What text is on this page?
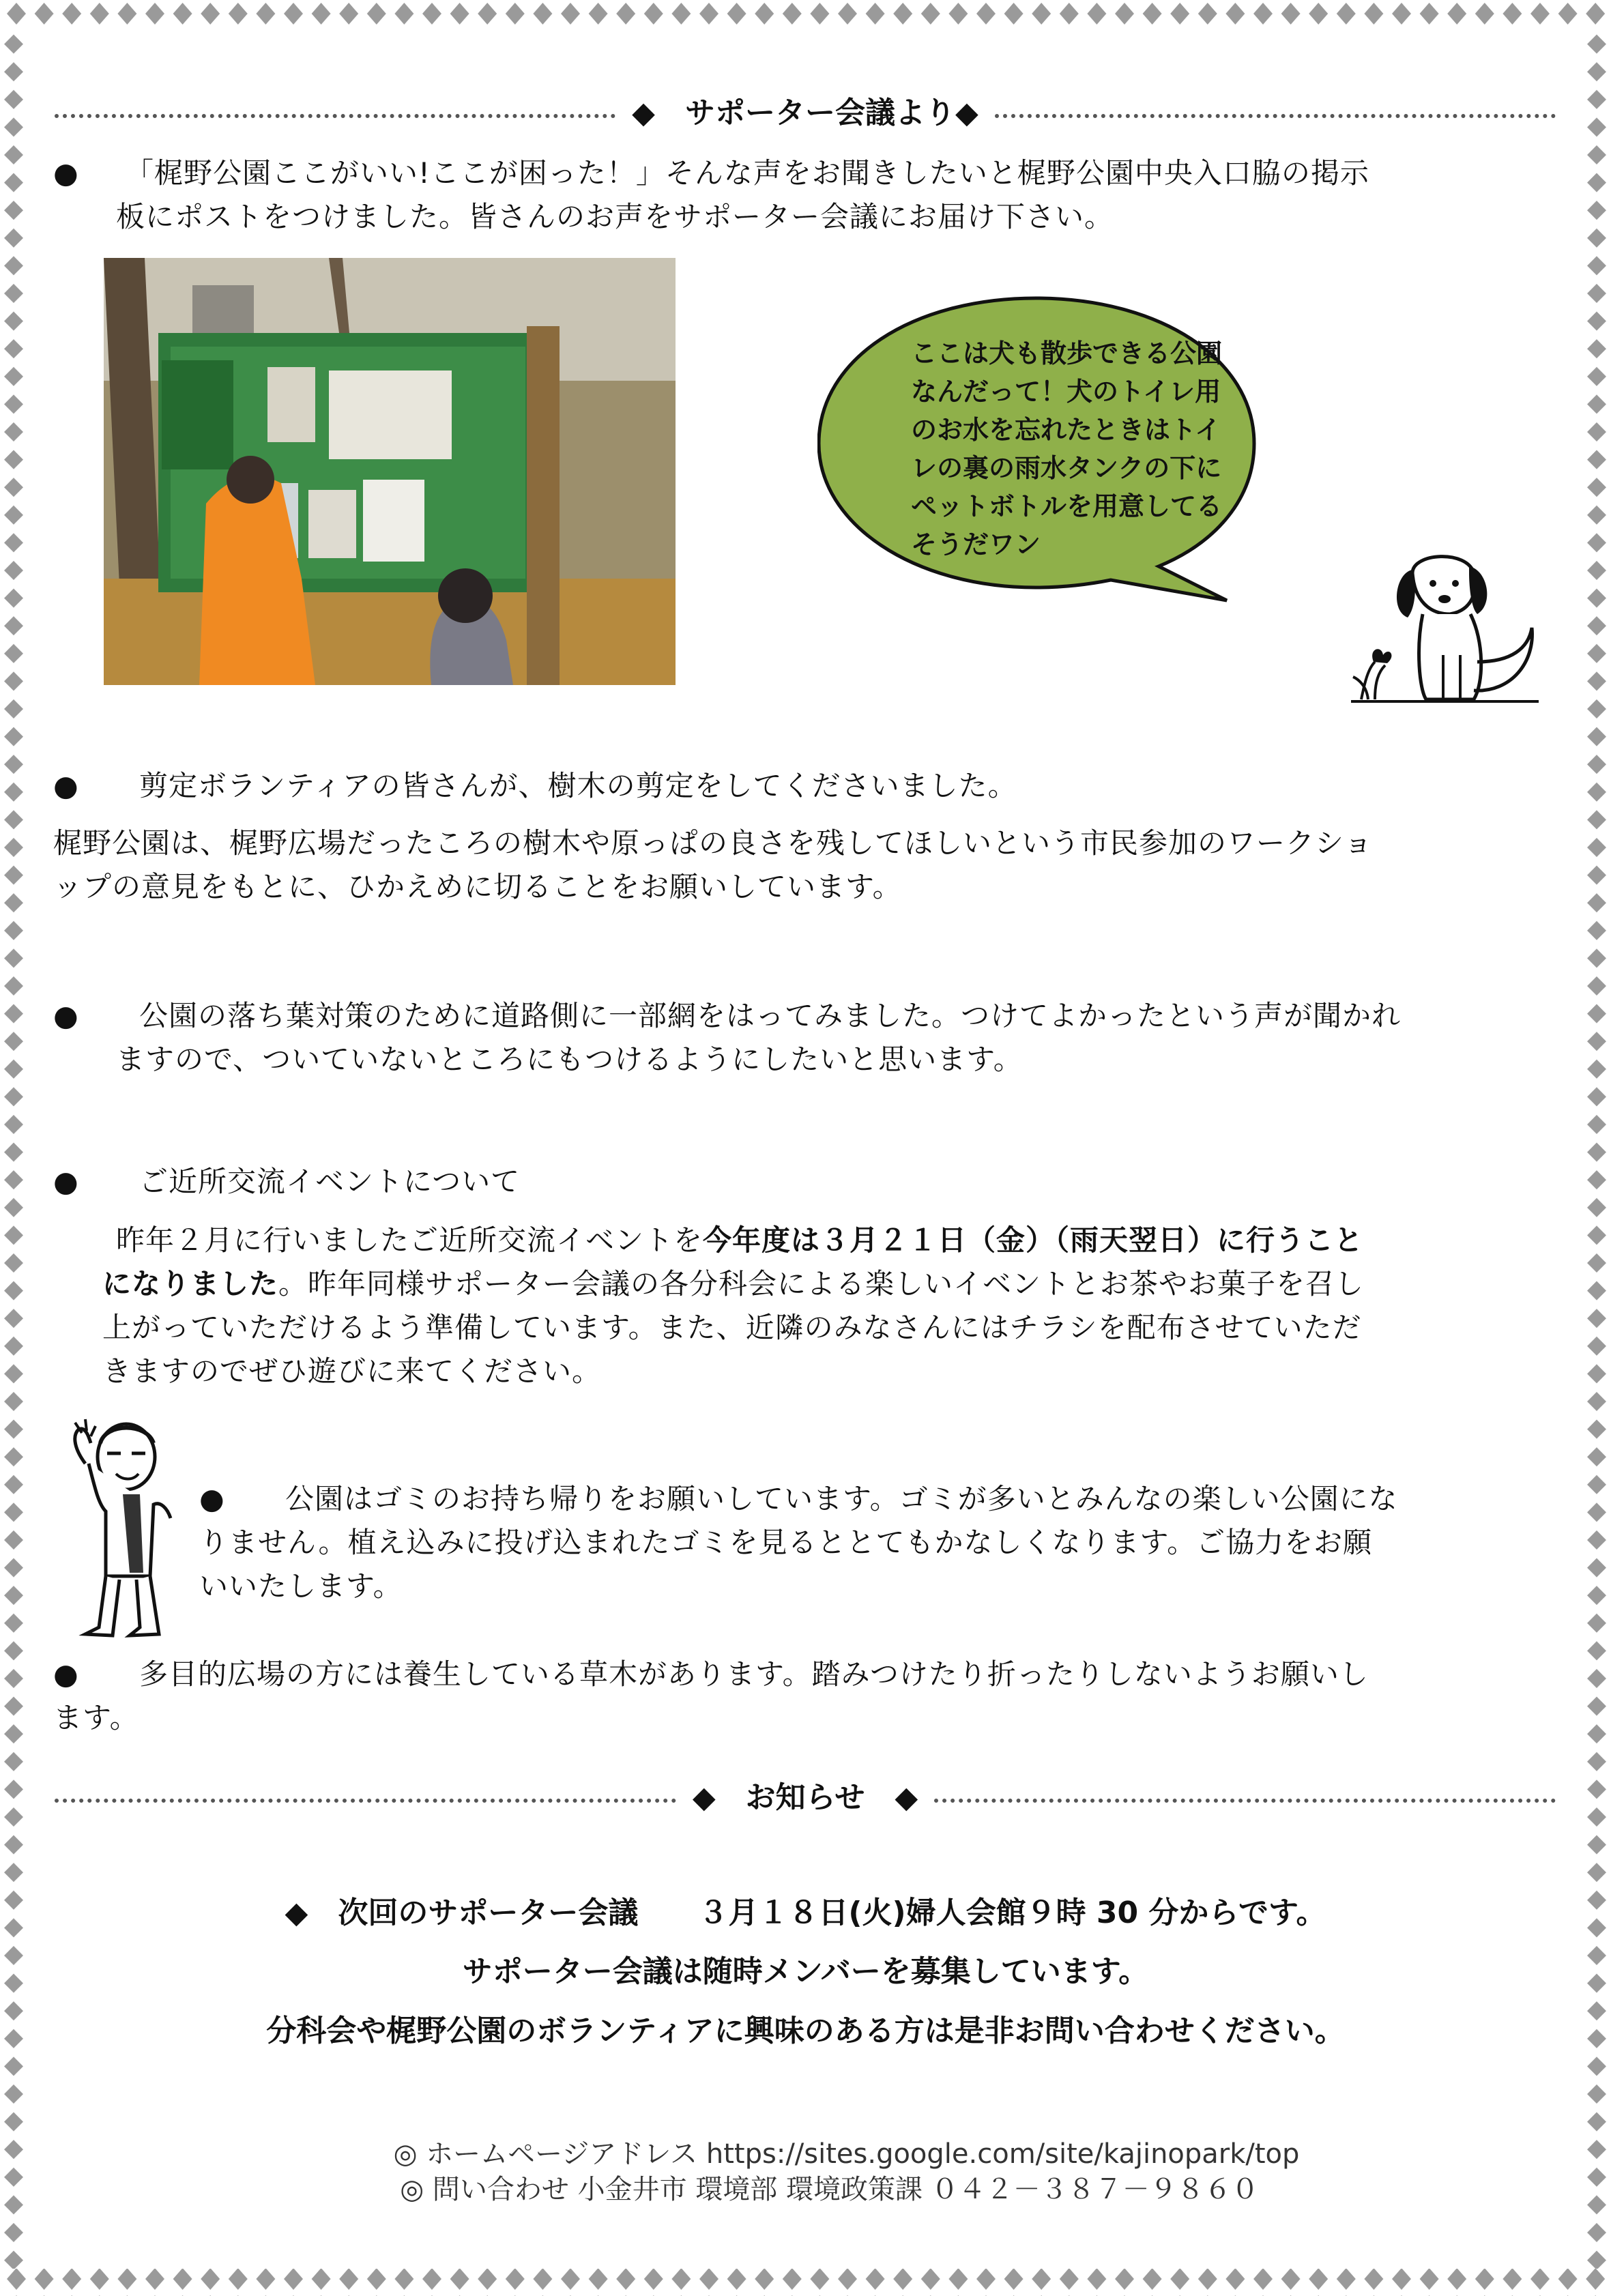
◆　 サポーター会議より◆
●　　 「梶野公園ここがいい!ここが困った！」そんな声をお聞きしたいと梶野公園中央入口脇の掲示
板にポストをつけました。皆さんのお声をサポーター会議にお届け下さい。
ここは犬も散歩できる公園
なんだって！犬のトイレ用
のお水を忘れたときはトイ
レの裏の雨水タンクの下に
ペットボトルを用意してる
そうだワン
●　　 剪定ボランティアの皆さんが、樹木の剪定をしてくださいました。
梶野公園は、梶野広場だったころの樹木や原っぱの良さを残してほしいという市民参加のワークショ
ップの意見をもとに、ひかえめに切ることをお願いしています。
●　　 公園の落ち葉対策のために道路側に一部網をはってみました。つけてよかったという声が聞かれ
ますので、ついていないところにもつけるようにしたいと思います。
●　　 ご近所交流イベントについて
昨年２月に行いましたご近所交流イベントを今年度は３月２１日（金）（雨天翌日）に行うこと
になりました。昨年同様サポーター会議の各分科会による楽しいイベントとお茶やお菓子を召し
上がっていただけるよう準備しています。また、近隣のみなさんにはチラシを配布させていただ
きますのでぜひ遊びに来てください。
●　　 公園はゴミのお持ち帰りをお願いしています。ゴミが多いとみんなの楽しい公園にな
りません。植え込みに投げ込まれたゴミを見るととてもかなしくなります。ご協力をお願
いいたします。
●　　 多目的広場の方には養生している草木があります。踏みつけたり折ったりしないようお願いし
ます。
◆　 お知らせ　 ◆
◆　次回のサポーター会議　　３月１８日(火)婦人会館９時 30 分からです。
サポーター会議は随時メンバーを募集しています。
分科会や梶野公園のボランティアに興味のある方は是非お問い合わせください。
◎ ホームページアドレス https://sites.google.com/site/kajinopark/top
◎ 問い合わせ 小金井市 環境部 環境政策課 ０４２－３８７－９８６０
